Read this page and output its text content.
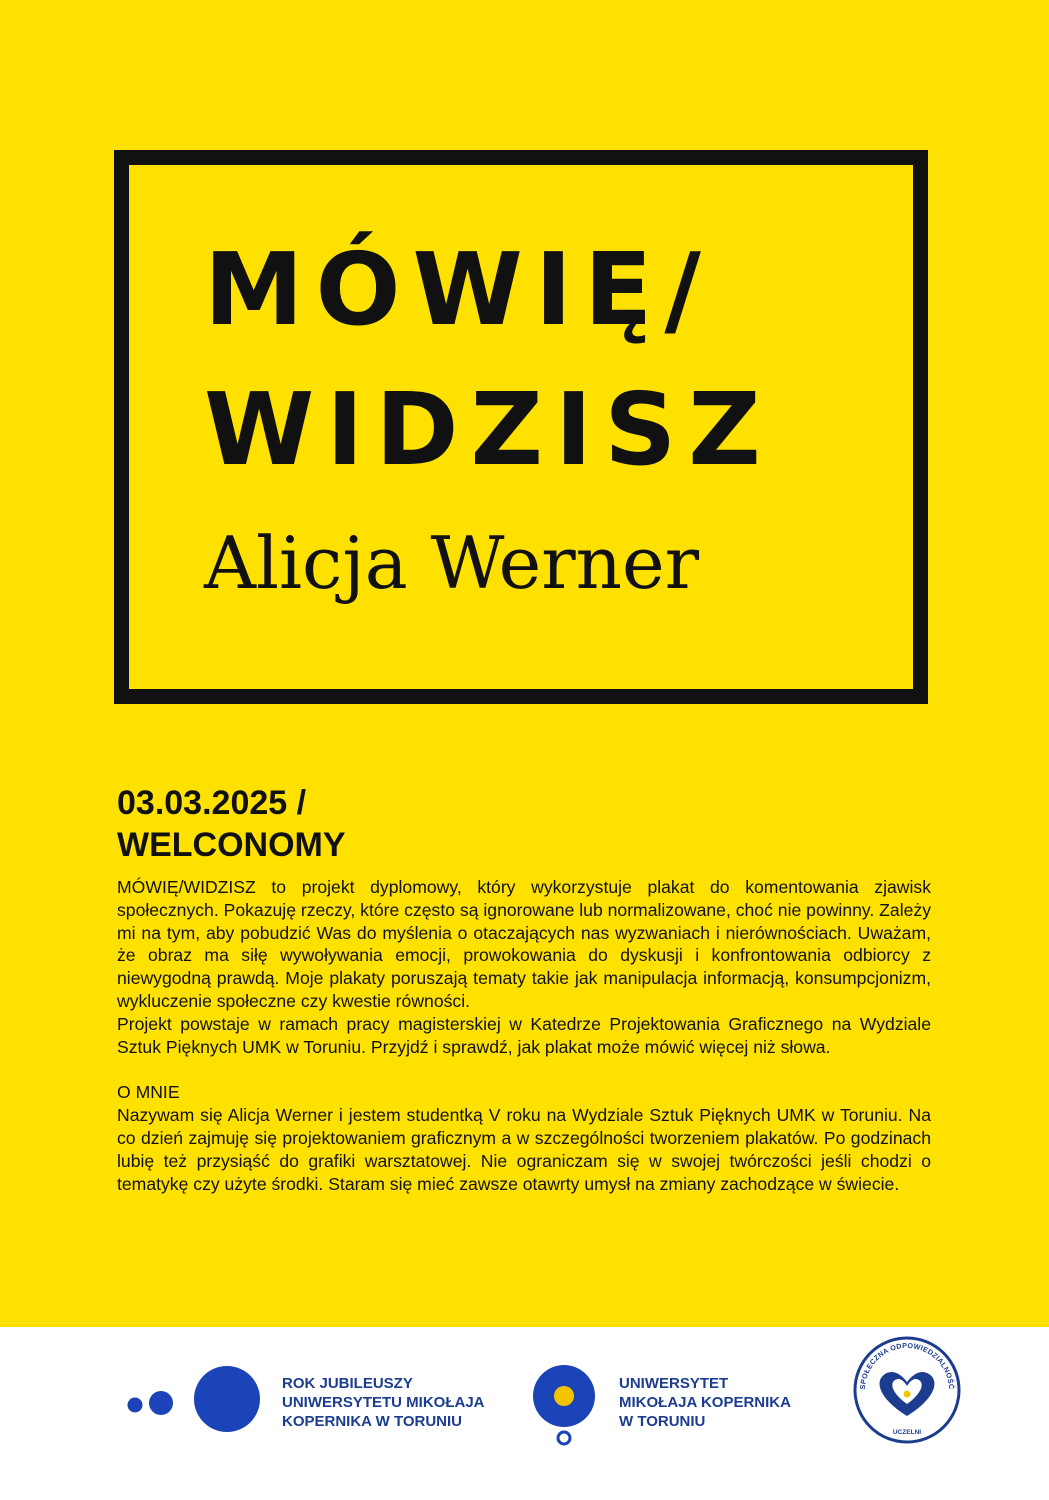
MÓWIĘ/
WIDZISZ
Alicja Werner
03.03.2025 /
WELCONOMY

MÓWIĘ/WIDZISZ to projekt dyplomowy, który wykorzystuje plakat do komentowania zjawisk społecznych. Pokazuję rzeczy, które często są ignorowane lub normalizowane, choć nie powinny. Zależy mi na tym, aby pobudzić Was do myślenia o otaczających nas wyzwaniach i nierównościach. Uważam, że obraz ma siłę wywoływania emocji, prowokowania do dyskusji i konfrontowania odbiorcy z niewygodną prawdą. Moje plakaty poruszają tematy takie jak manipulacja informacją, konsumpcjonizm, wykluczenie społeczne czy kwestie równości.

Projekt powstaje w ramach pracy magisterskiej w Katedrze Projektowania Graficznego na Wydziale Sztuk Pięknych UMK w Toruniu. Przyjdź i sprawdź, jak plakat może mówić więcej niż słowa.

O MNIE

Nazywam się Alicja Werner i jestem studentką V roku na Wydziale Sztuk Pięknych UMK w Toruniu. Na co dzień zajmuję się projektowaniem graficznym a w szczególności tworzeniem plakatów. Po godzinach lubię też przysiąść do grafiki warsztatowej. Nie ograniczam się w swojej twórczości jeśli chodzi o tematykę czy użyte środki. Staram się mieć zawsze otawrty umysł na zmiany zachodzące w świecie.

ROK JUBILEUSZY
UNIWERSYTETU MIKOŁAJA
KOPERNIKA W TORUNIU
UNIWERSYTET
MIKOŁAJA KOPERNIKA
W TORUNIU
SPOŁECZNA ODPOWIEDZIALNOŚĆ
UCZELNI
